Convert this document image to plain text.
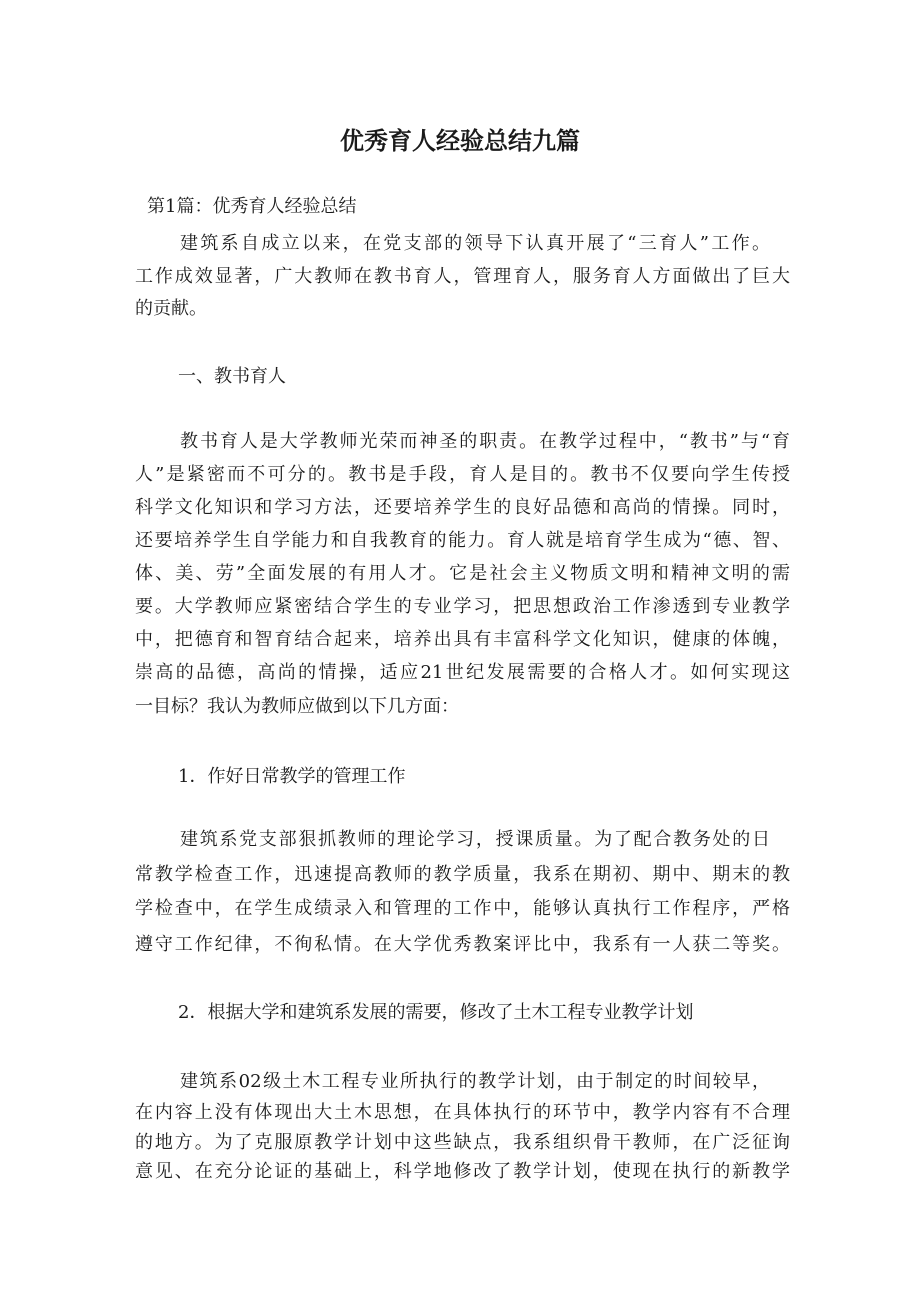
优秀育人经验总结九篇

第1篇：优秀育人经验总结

建筑系自成立以来，在党支部的领导下认真开展了“三育人”工作。

工作成效显著，广大教师在教书育人，管理育人，服务育人方面做出了巨大

的贡献。

一、教书育人

教书育人是大学教师光荣而神圣的职责。在教学过程中，“教书”与“育

人”是紧密而不可分的。教书是手段，育人是目的。教书不仅要向学生传授

科学文化知识和学习方法，还要培养学生的良好品德和高尚的情操。同时，

还要培养学生自学能力和自我教育的能力。育人就是培育学生成为“德、智、

体、美、劳”全面发展的有用人才。它是社会主义物质文明和精神文明的需

要。大学教师应紧密结合学生的专业学习，把思想政治工作渗透到专业教学

中，把德育和智育结合起来，培养出具有丰富科学文化知识，健康的体魄，

崇高的品德，高尚的情操，适应21世纪发展需要的合格人才。如何实现这

一目标？我认为教师应做到以下几方面：

1．作好日常教学的管理工作

建筑系党支部狠抓教师的理论学习，授课质量。为了配合教务处的日

常教学检查工作，迅速提高教师的教学质量，我系在期初、期中、期末的教

学检查中，在学生成绩录入和管理的工作中，能够认真执行工作程序，严格

遵守工作纪律，不徇私情。在大学优秀教案评比中，我系有一人获二等奖。

2．根据大学和建筑系发展的需要，修改了土木工程专业教学计划

建筑系02级土木工程专业所执行的教学计划，由于制定的时间较早，

在内容上没有体现出大土木思想，在具体执行的环节中，教学内容有不合理

的地方。为了克服原教学计划中这些缺点，我系组织骨干教师，在广泛征询

意见、在充分论证的基础上，科学地修改了教学计划，使现在执行的新教学
